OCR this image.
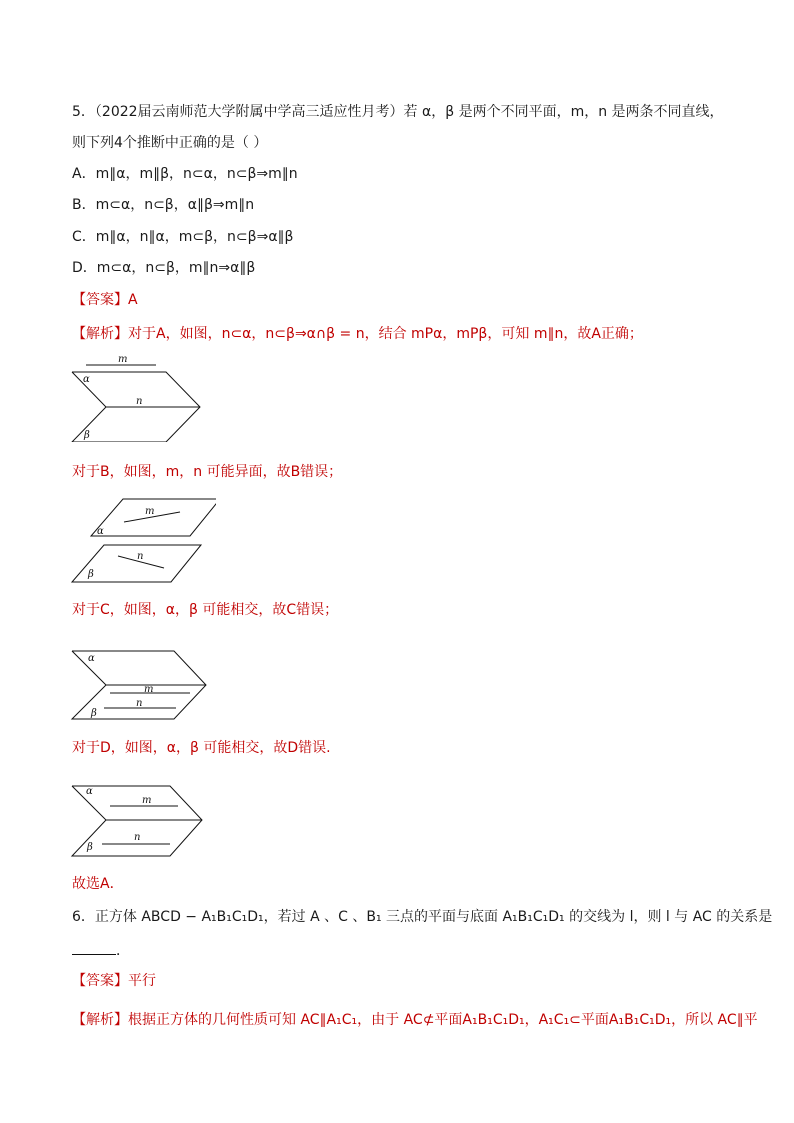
5．（2022届云南师范大学附属中学高三适应性月考）若 α，β 是两个不同平面，m，n 是两条不同直线，
则下列4个推断中正确的是（ ）
A．m∥α，m∥β，n⊂α，n⊂β⇒m∥n
B．m⊂α，n⊂β，α∥β⇒m∥n
C．m∥α，n∥α，m⊂β，n⊂β⇒α∥β
D．m⊂α，n⊂β，m∥n⇒α∥β
【答案】A
【解析】对于A，如图，n⊂α，n⊂β⇒α∩β = n，结合 mPα，mPβ，可知 m∥n，故A正确；
m
α
n
β
对于B，如图，m，n 可能异面，故B错误；
m
α
n
β
对于C，如图，α，β 可能相交，故C错误；
α
m
n
β
对于D，如图，α，β 可能相交，故D错误.
α
m
n
β
故选A．
6．正方体 ABCD − A₁B₁C₁D₁，若过 A 、C 、B₁ 三点的平面与底面 A₁B₁C₁D₁ 的交线为 l，则 l 与 AC 的关系是
．
【答案】平行
【解析】根据正方体的几何性质可知 AC∥A₁C₁，由于 AC⊄平面A₁B₁C₁D₁，A₁C₁⊂平面A₁B₁C₁D₁，所以 AC∥平
